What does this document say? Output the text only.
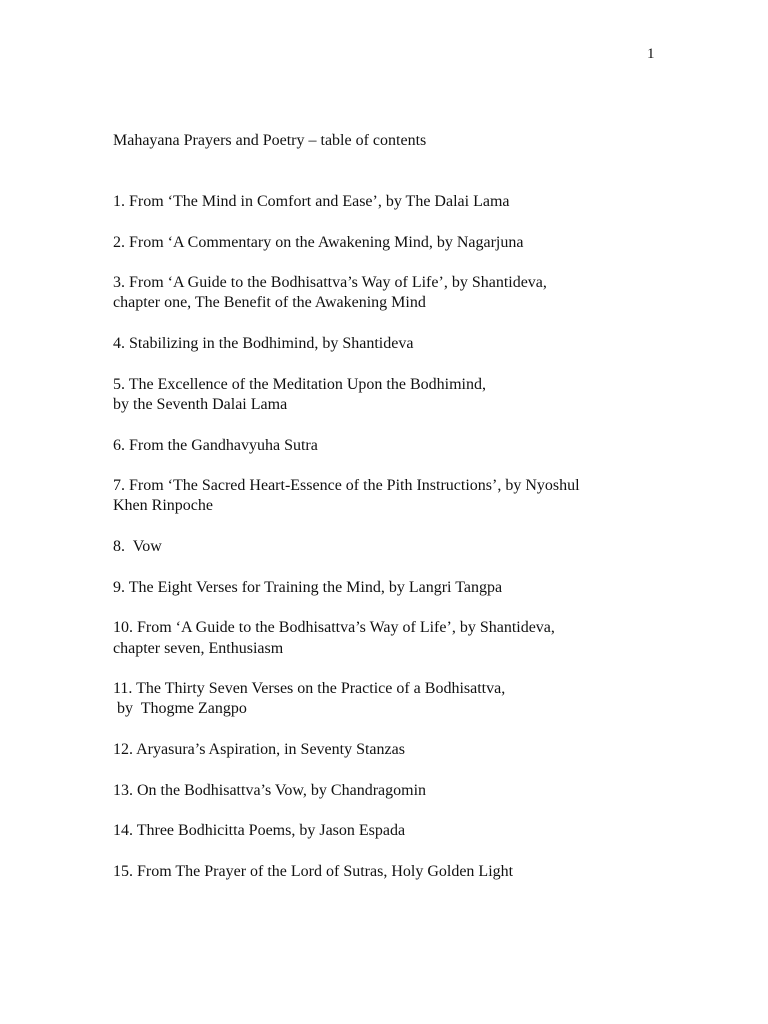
1
Mahayana Prayers and Poetry – table of contents
1. From ‘The Mind in Comfort and Ease’, by The Dalai Lama
2. From ‘A Commentary on the Awakening Mind, by Nagarjuna
3. From ‘A Guide to the Bodhisattva’s Way of Life’, by Shantideva,
chapter one, The Benefit of the Awakening Mind
4. Stabilizing in the Bodhimind, by Shantideva
5. The Excellence of the Meditation Upon the Bodhimind,
by the Seventh Dalai Lama
6. From the Gandhavyuha Sutra
7. From ‘The Sacred Heart-Essence of the Pith Instructions’, by Nyoshul
Khen Rinpoche
8.  Vow
9. The Eight Verses for Training the Mind, by Langri Tangpa
10. From ‘A Guide to the Bodhisattva’s Way of Life’, by Shantideva,
chapter seven, Enthusiasm
11. The Thirty Seven Verses on the Practice of a Bodhisattva,
by  Thogme Zangpo
12. Aryasura’s Aspiration, in Seventy Stanzas
13. On the Bodhisattva’s Vow, by Chandragomin
14. Three Bodhicitta Poems, by Jason Espada
15. From The Prayer of the Lord of Sutras, Holy Golden Light
